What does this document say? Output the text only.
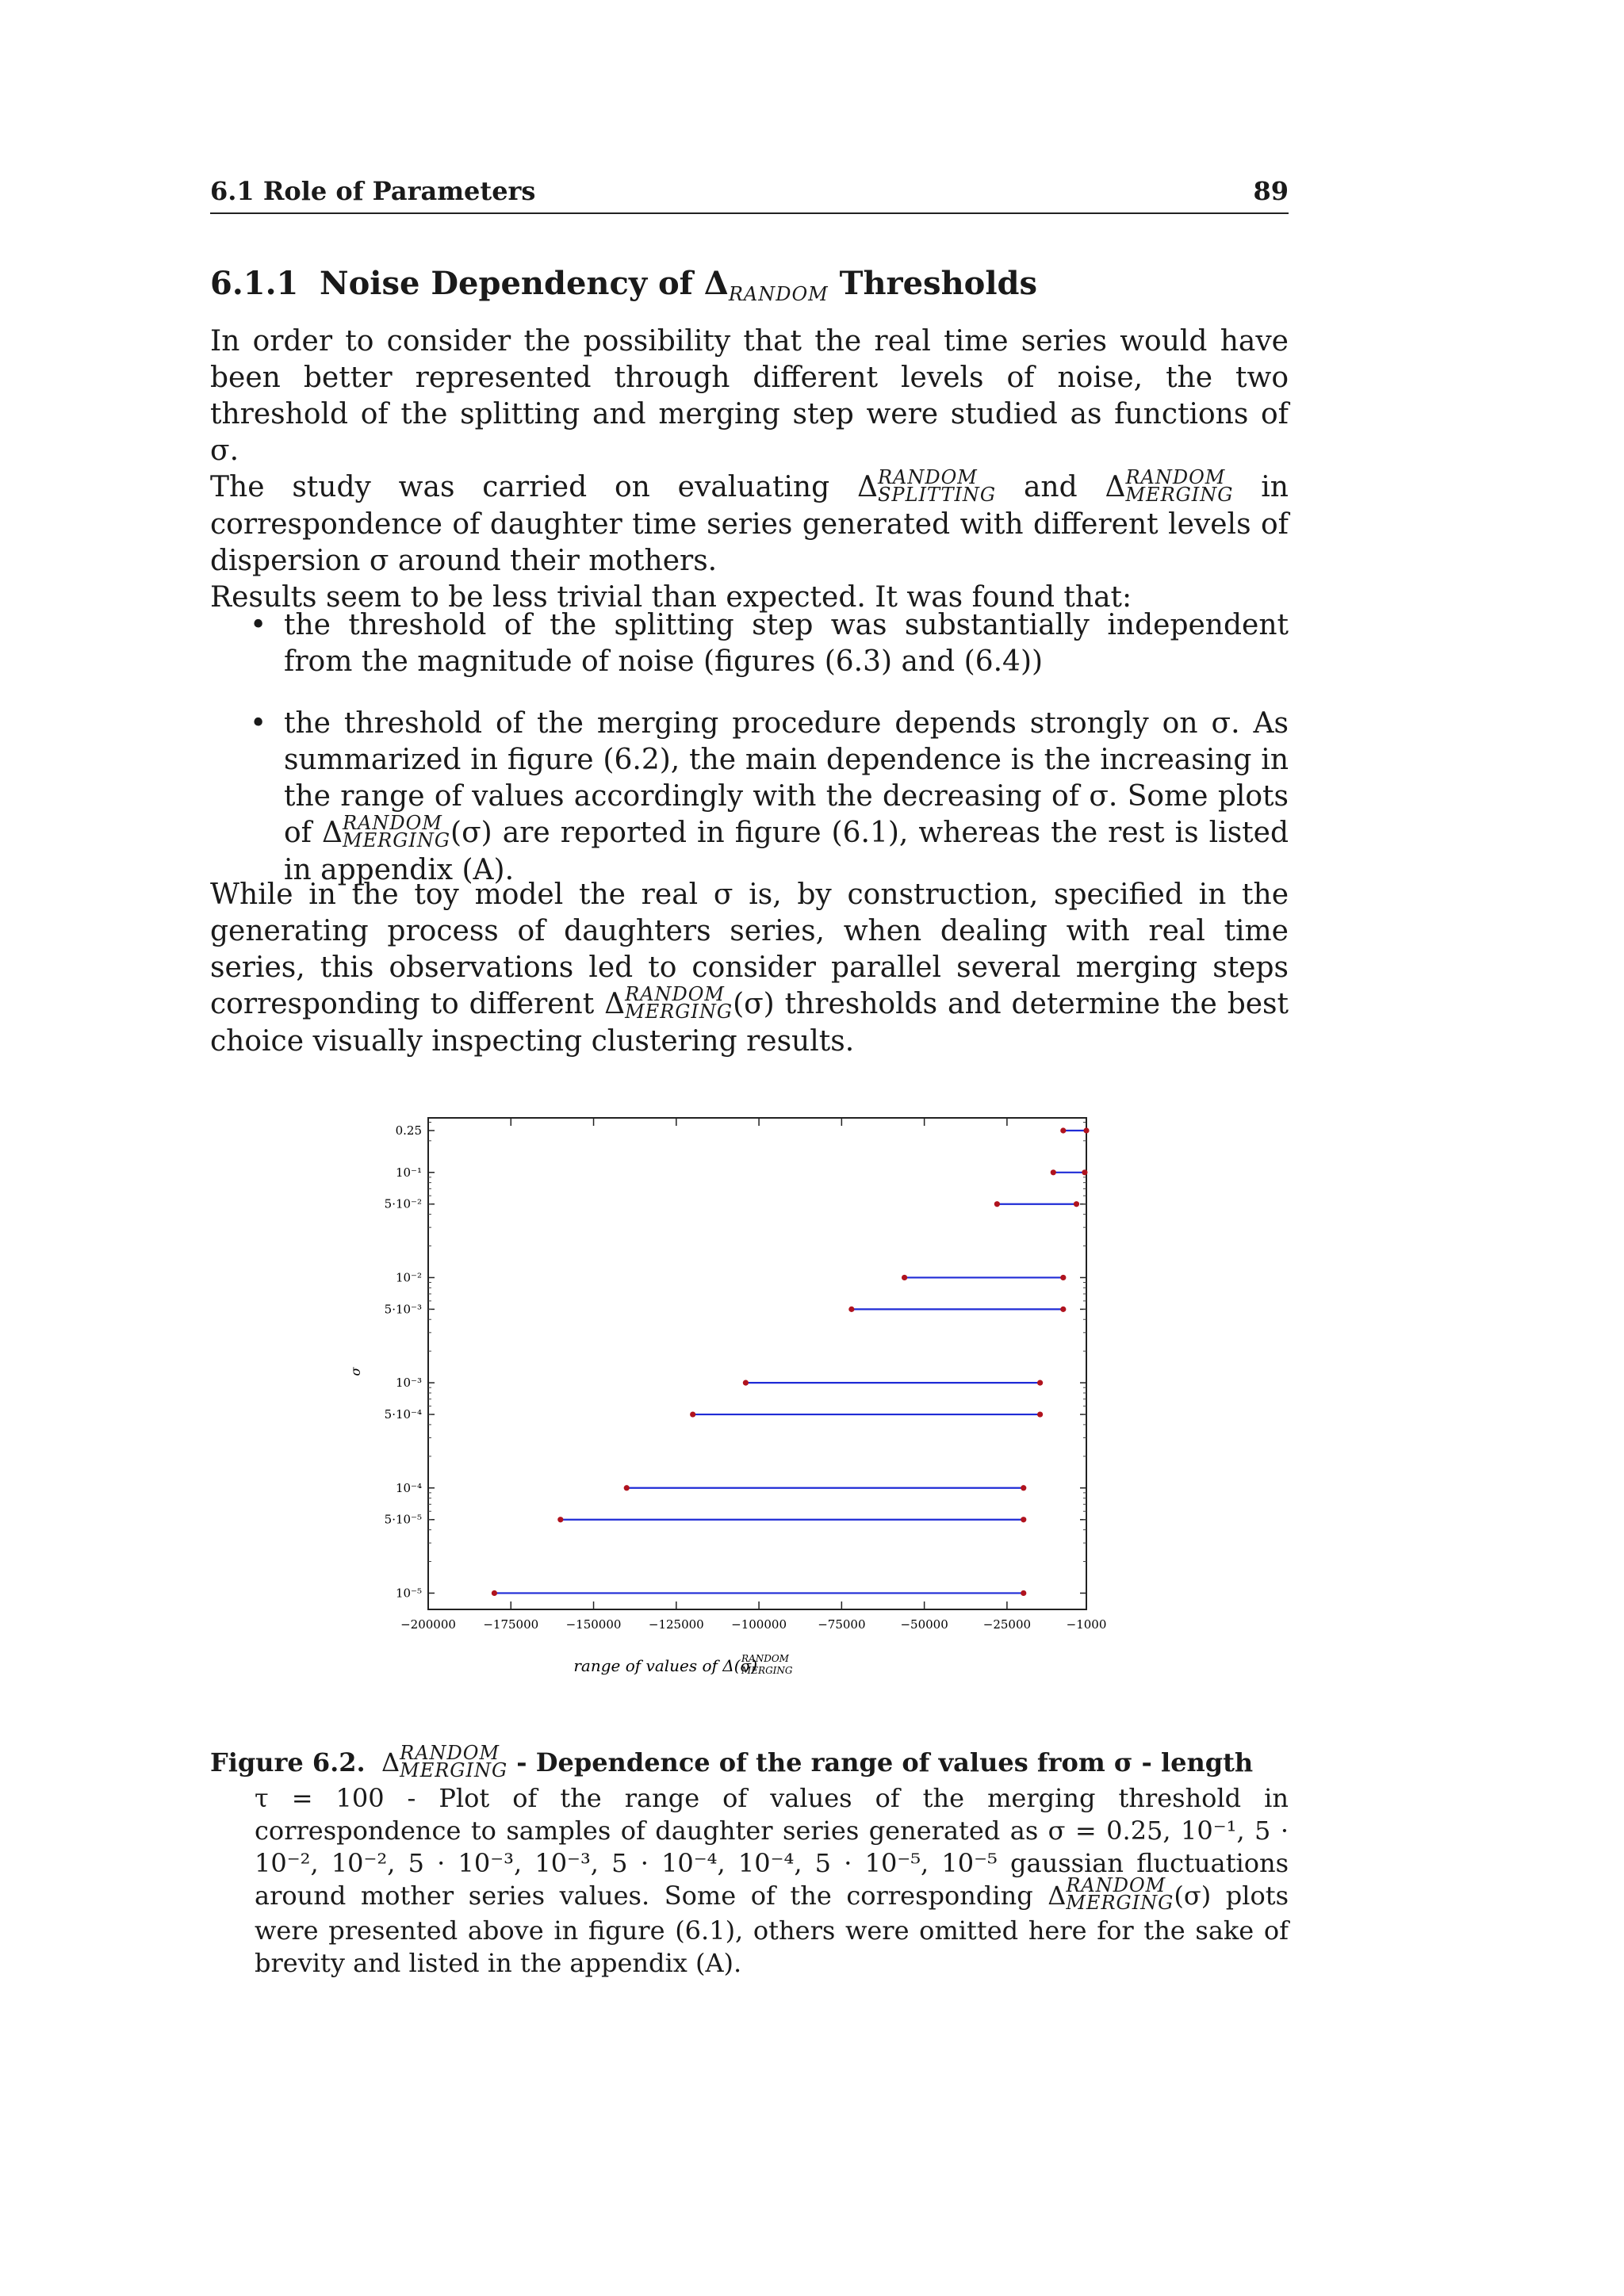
6.1 Role of Parameters	89
6.1.1 Noise Dependency of $\Delta_{RANDOM}$ Thresholds

In order to consider the possibility that the real time series would have been better represented through different levels of noise, the two threshold of the splitting and merging step were studied as functions of σ.

The study was carried on evaluating Δ RANDOM
SPLITTING and Δ RANDOM
MERGING in correspondence of daughter time series generated with different levels of dispersion σ around their mothers.

Results seem to be less trivial than expected. It was found that:

• the threshold of the splitting step was substantially independent from the magnitude of noise (figures (6.3) and (6.4))
• the threshold of the merging procedure depends strongly on σ. As summarized in figure (6.2), the main dependence is the increasing in the range of values accordingly with the decreasing of σ. Some plots of Δ RANDOM
MERGING (σ) are reported in figure (6.1), whereas the rest is listed in appendix (A).

While in the toy model the real σ is, by construction, specified in the generating process of daughters series, when dealing with real time series, this observations led to consider parallel several merging steps corresponding to different Δ RANDOM
MERGING (σ) thresholds and determine the best choice visually inspecting clustering results.

0.25
10⁻¹
5·10⁻²
10⁻²
5·10⁻³
10⁻³
5·10⁻⁴
10⁻⁴
5·10⁻⁵
10⁻⁵
−200000 −175000 −150000 −125000 −100000	−75000	−50000	−25000	−1000
σ
range of values of Δ(σ)
RANDOM
MERGING
Figure 6.2. Δ RANDOM
MERGING - Dependence of the range of values from σ - length
τ = 100 - Plot of the range of values of the merging threshold in correspondence to samples of daughter series generated as σ = 0.25, 10⁻¹, 5 · 10⁻², 10⁻², 5 · 10⁻³, 10⁻³, 5 · 10⁻⁴, 10⁻⁴, 5 · 10⁻⁵, 10⁻⁵ gaussian fluctuations around mother series values. Some of the corresponding Δ RANDOM
MERGING (σ) plots were presented above in figure (6.1), others were omitted here for the sake of brevity and listed in the appendix (A).
